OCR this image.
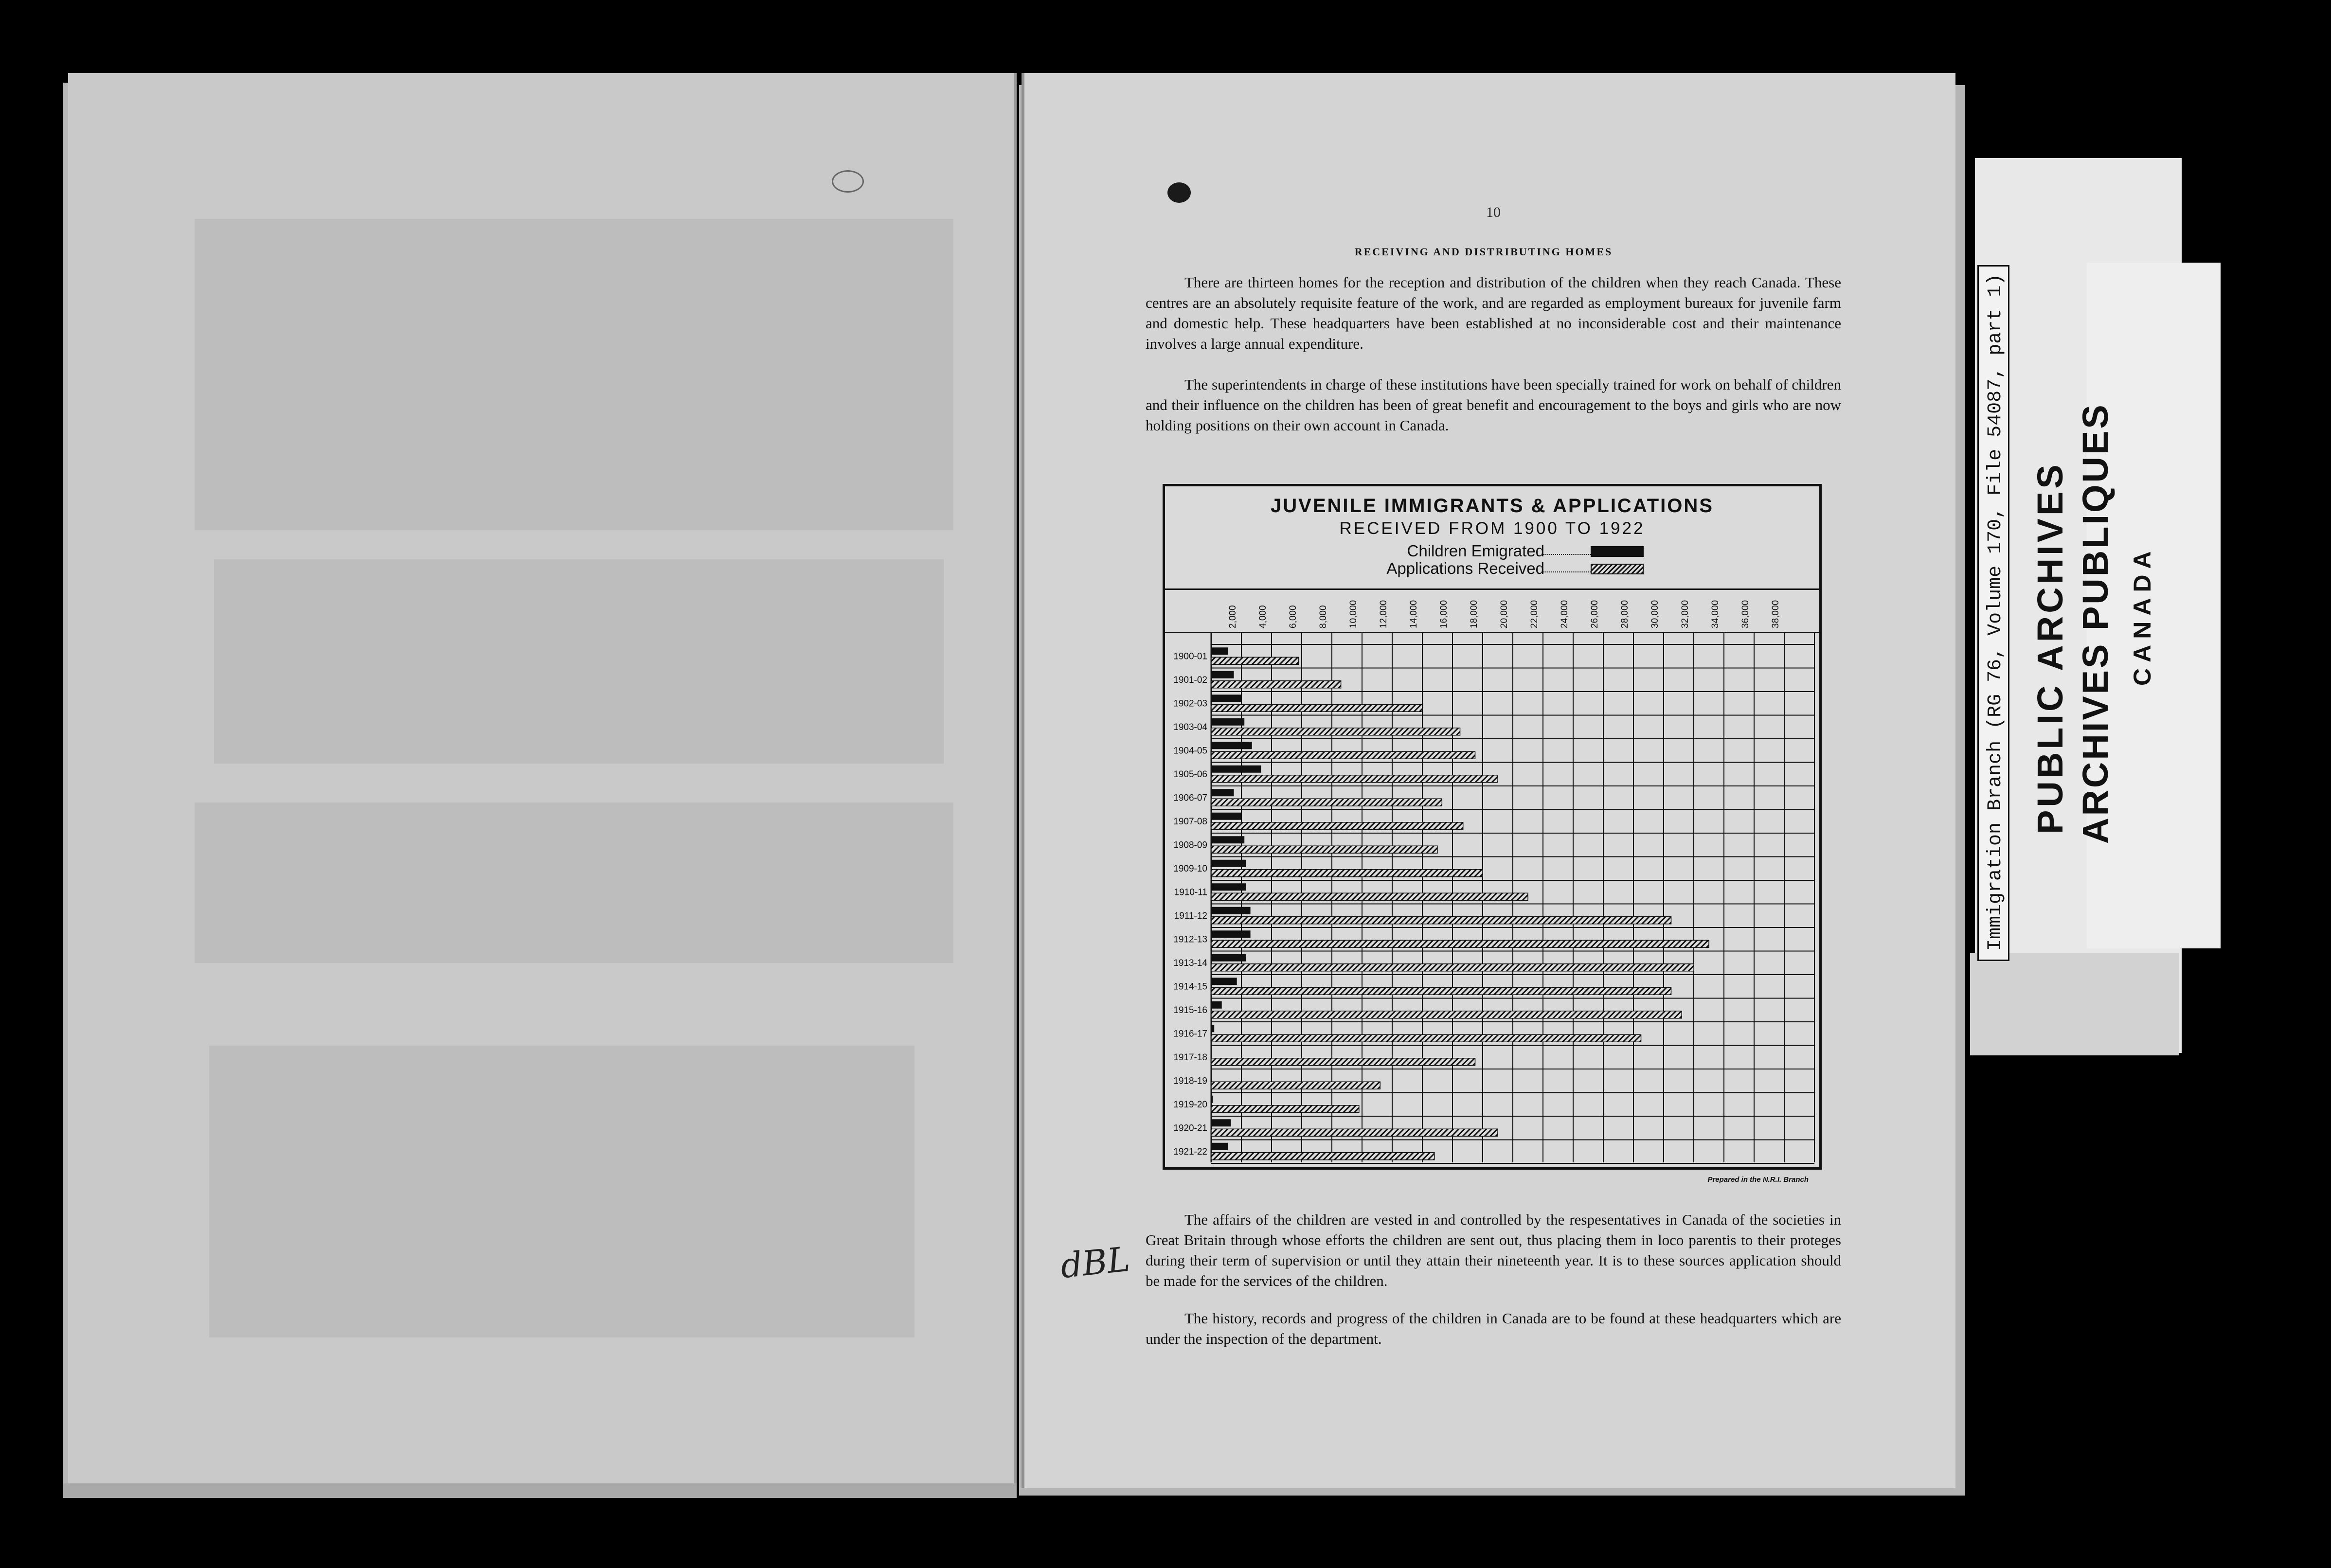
10
RECEIVING AND DISTRIBUTING HOMES
There are thirteen homes for the reception and distribution of the children when they reach Canada. These centres are an absolutely requisite feature of the work, and are regarded as employment bureaux for juvenile farm and domestic help. These headquarters have been established at no inconsiderable cost and their maintenance involves a large annual expenditure.
The superintendents in charge of these institutions have been specially trained for work on behalf of children and their influence on the children has been of great benefit and encouragement to the boys and girls who are now holding positions on their own account in Canada.
JUVENILE IMMIGRANTS & APPLICATIONS
RECEIVED FROM 1900 TO 1922
Children Emigrated
Applications Received
2,000 4,000 6,000 8,000 10,000 12,000 14,000 16,000 18,000 20,000 22,000 24,000 26,000 28,000 30,000 32,000 34,000 36,000 38,000
1900-01
1901-02
1902-03
1903-04
1904-05
1905-06
1906-07
1907-08
1908-09
1909-10
1910-11
1911-12
1912-13
1913-14
1914-15
1915-16
1916-17
1917-18
1918-19
1919-20
1920-21
1921-22
Prepared in the N.R.I. Branch
The affairs of the children are vested in and controlled by the respesentatives in Canada of the societies in Great Britain through whose efforts the children are sent out, thus placing them in loco parentis to their proteges during their term of supervision or until they attain their nineteenth year. It is to these sources application should be made for the services of the children.
The history, records and progress of the children in Canada are to be found at these headquarters which are under the inspection of the department.
dBL
Immigration Branch (RG 76, Volume 170, File 54087, part 1) PUBLIC ARCHIVES ARCHIVES PUBLIQUES CANADA
